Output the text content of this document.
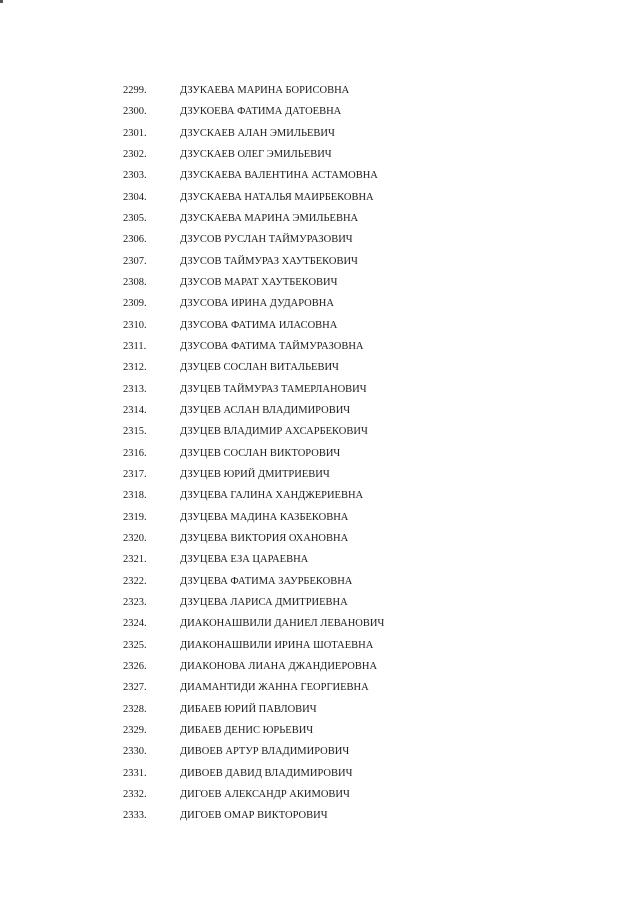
2299.	ДЗУКАЕВА МАРИНА БОРИСОВНА
2300.	ДЗУКОЕВА ФАТИМА ДАТОЕВНА
2301.	ДЗУСКАЕВ АЛАН ЭМИЛЬЕВИЧ
2302.	ДЗУСКАЕВ ОЛЕГ ЭМИЛЬЕВИЧ
2303.	ДЗУСКАЕВА ВАЛЕНТИНА АСТАМОВНА
2304.	ДЗУСКАЕВА НАТАЛЬЯ МАИРБЕКОВНА
2305.	ДЗУСКАЕВА МАРИНА ЭМИЛЬЕВНА
2306.	ДЗУСОВ РУСЛАН ТАЙМУРАЗОВИЧ
2307.	ДЗУСОВ ТАЙМУРАЗ ХАУТБЕКОВИЧ
2308.	ДЗУСОВ МАРАТ ХАУТБЕКОВИЧ
2309.	ДЗУСОВА ИРИНА ДУДАРОВНА
2310.	ДЗУСОВА ФАТИМА ИЛАСОВНА
2311.	ДЗУСОВА ФАТИМА ТАЙМУРАЗОВНА
2312.	ДЗУЦЕВ СОСЛАН ВИТАЛЬЕВИЧ
2313.	ДЗУЦЕВ ТАЙМУРАЗ ТАМЕРЛАНОВИЧ
2314.	ДЗУЦЕВ АСЛАН ВЛАДИМИРОВИЧ
2315.	ДЗУЦЕВ ВЛАДИМИР АХСАРБЕКОВИЧ
2316.	ДЗУЦЕВ СОСЛАН ВИКТОРОВИЧ
2317.	ДЗУЦЕВ ЮРИЙ ДМИТРИЕВИЧ
2318.	ДЗУЦЕВА ГАЛИНА ХАНДЖЕРИЕВНА
2319.	ДЗУЦЕВА МАДИНА КАЗБЕКОВНА
2320.	ДЗУЦЕВА ВИКТОРИЯ ОХАНОВНА
2321.	ДЗУЦЕВА ЕЗА ЦАРАЕВНА
2322.	ДЗУЦЕВА ФАТИМА ЗАУРБЕКОВНА
2323.	ДЗУЦЕВА ЛАРИСА ДМИТРИЕВНА
2324.	ДИАКОНАШВИЛИ ДАНИЕЛ ЛЕВАНОВИЧ
2325.	ДИАКОНАШВИЛИ ИРИНА ШОТАЕВНА
2326.	ДИАКОНОВА ЛИАНА ДЖАНДИЕРОВНА
2327.	ДИАМАНТИДИ ЖАННА ГЕОРГИЕВНА
2328.	ДИБАЕВ ЮРИЙ ПАВЛОВИЧ
2329.	ДИБАЕВ ДЕНИС ЮРЬЕВИЧ
2330.	ДИВОЕВ АРТУР ВЛАДИМИРОВИЧ
2331.	ДИВОЕВ ДАВИД ВЛАДИМИРОВИЧ
2332.	ДИГОЕВ АЛЕКСАНДР АКИМОВИЧ
2333.	ДИГОЕВ ОМАР ВИКТОРОВИЧ
